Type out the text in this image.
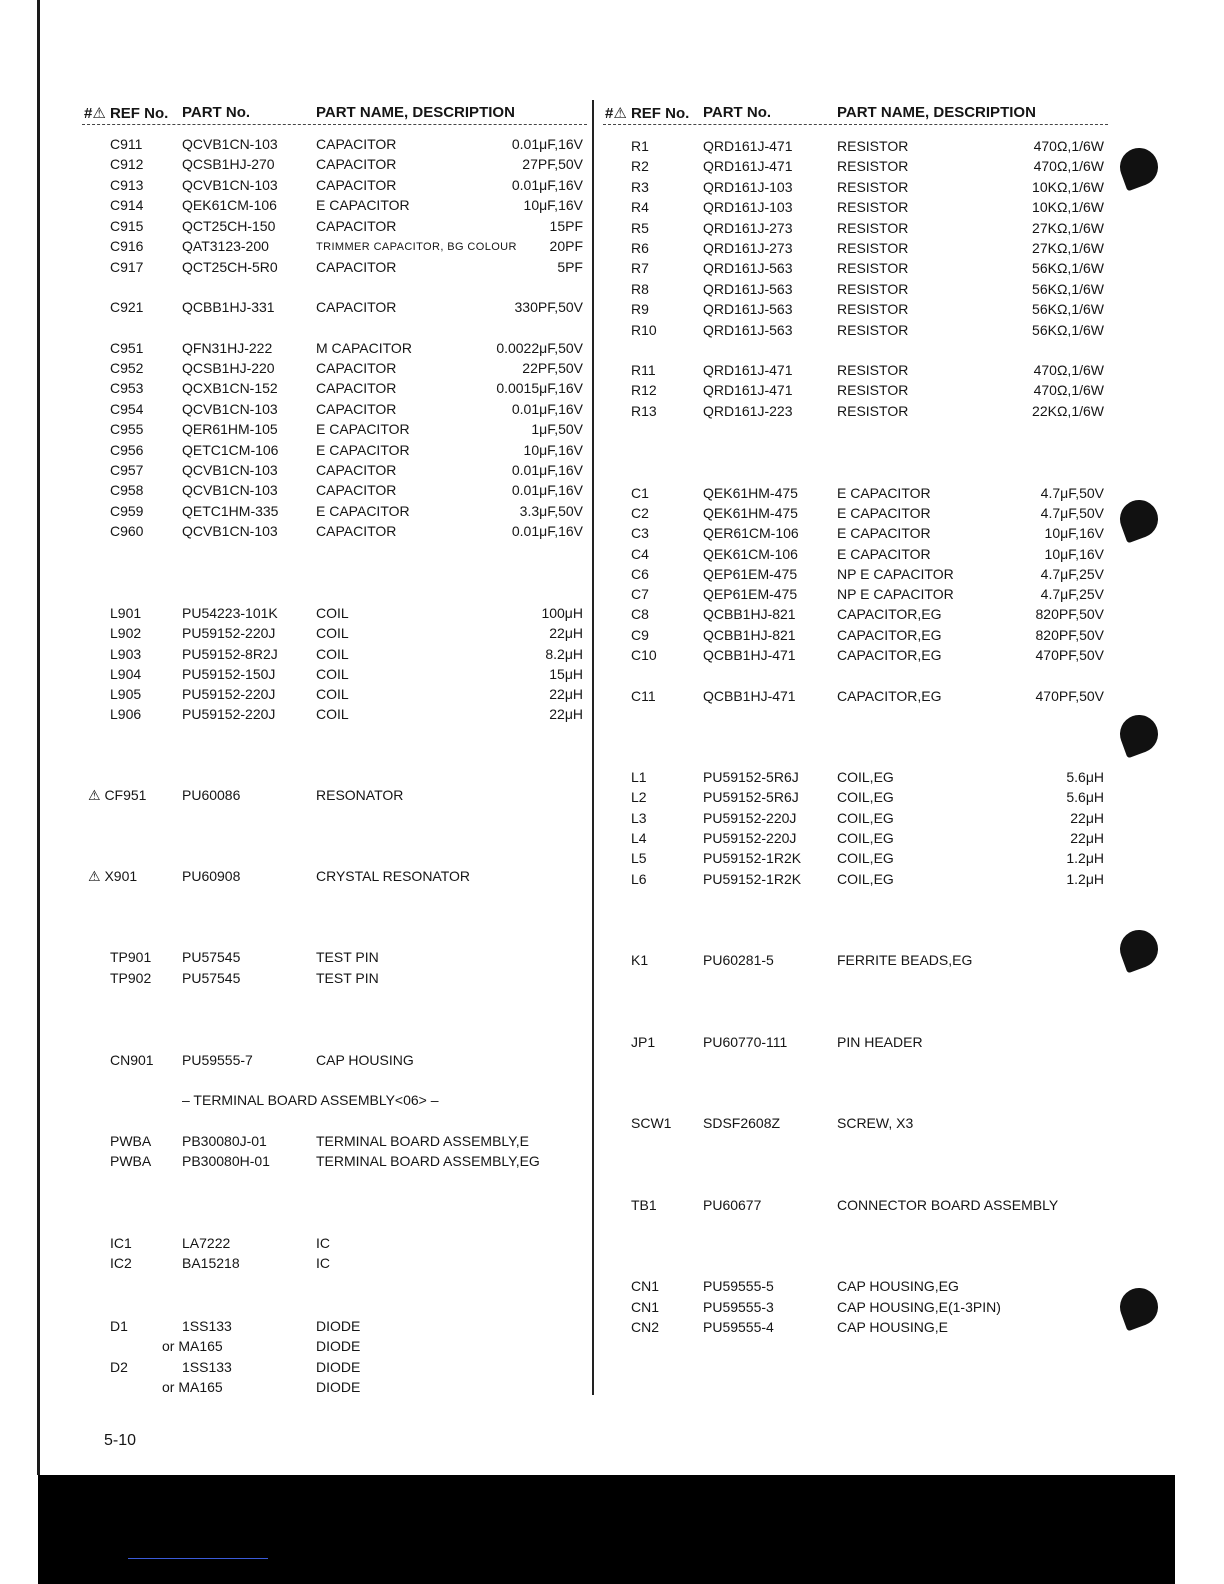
#⚠ REF No. PART No.	PART NAME, DESCRIPTION
C911	QCVB1CN-103	CAPACITOR	0.01μF,16V
C912	QCSB1HJ-270	CAPACITOR	27PF,50V
C913	QCVB1CN-103	CAPACITOR	0.01μF,16V
C914	QEK61CM-106	E CAPACITOR	10μF,16V
C915	QCT25CH-150	CAPACITOR	15PF
C916	QAT3123-200	TRIMMER CAPACITOR, BG COLOUR 20PF
C917	QCT25CH-5R0	CAPACITOR	5PF
C921	QCBB1HJ-331	CAPACITOR	330PF,50V
C951	QFN31HJ-222	M CAPACITOR	0.0022μF,50V
C952	QCSB1HJ-220	CAPACITOR	22PF,50V
C953	QCXB1CN-152	CAPACITOR	0.0015μF,16V
C954	QCVB1CN-103	CAPACITOR	0.01μF,16V
C955	QER61HM-105	E CAPACITOR	1μF,50V
C956	QETC1CM-106	E CAPACITOR	10μF,16V
C957	QCVB1CN-103	CAPACITOR	0.01μF,16V
C958	QCVB1CN-103	CAPACITOR	0.01μF,16V
C959	QETC1HM-335	E CAPACITOR	3.3μF,50V
C960	QCVB1CN-103	CAPACITOR	0.01μF,16V
L901	PU54223-101K	COIL	100μH
L902	PU59152-220J	COIL	22μH
L903	PU59152-8R2J	COIL	8.2μH
L904	PU59152-150J	COIL	15μH
L905	PU59152-220J	COIL	22μH
L906	PU59152-220J	COIL	22μH
⚠ CF951	PU60086	RESONATOR
⚠ X901	PU60908	CRYSTAL RESONATOR
TP901 PU57545	TEST PIN
TP902 PU57545	TEST PIN
CN901 PU59555-7	CAP HOUSING
– TERMINAL BOARD ASSEMBLY<06> –
PWBA PB30080J-01	TERMINAL BOARD ASSEMBLY,E
PWBA PB30080H-01	TERMINAL BOARD ASSEMBLY,EG
IC1	LA7222	IC
IC2	BA15218	IC
D1	1SS133	DIODE
or MA165	DIODE
D2	1SS133	DIODE
or MA165	DIODE
#⚠ REF No. PART No.	PART NAME, DESCRIPTION
R1	QRD161J-471	RESISTOR	470Ω,1/6W
R2	QRD161J-471	RESISTOR	470Ω,1/6W
R3	QRD161J-103	RESISTOR	10KΩ,1/6W
R4	QRD161J-103	RESISTOR	10KΩ,1/6W
R5	QRD161J-273	RESISTOR	27KΩ,1/6W
R6	QRD161J-273	RESISTOR	27KΩ,1/6W
R7	QRD161J-563	RESISTOR	56KΩ,1/6W
R8	QRD161J-563	RESISTOR	56KΩ,1/6W
R9	QRD161J-563	RESISTOR	56KΩ,1/6W
R10	QRD161J-563	RESISTOR	56KΩ,1/6W
R11	QRD161J-471	RESISTOR	470Ω,1/6W
R12	QRD161J-471	RESISTOR	470Ω,1/6W
R13	QRD161J-223	RESISTOR	22KΩ,1/6W
C1	QEK61HM-475	E CAPACITOR	4.7μF,50V
C2	QEK61HM-475	E CAPACITOR	4.7μF,50V
C3	QER61CM-106	E CAPACITOR	10μF,16V
C4	QEK61CM-106	E CAPACITOR	10μF,16V
C6	QEP61EM-475	NP E CAPACITOR	4.7μF,25V
C7	QEP61EM-475	NP E CAPACITOR	4.7μF,25V
C8	QCBB1HJ-821	CAPACITOR,EG	820PF,50V
C9	QCBB1HJ-821	CAPACITOR,EG	820PF,50V
C10	QCBB1HJ-471	CAPACITOR,EG	470PF,50V
C11	QCBB1HJ-471	CAPACITOR,EG	470PF,50V
L1	PU59152-5R6J	COIL,EG	5.6μH
L2	PU59152-5R6J	COIL,EG	5.6μH
L3	PU59152-220J	COIL,EG	22μH
L4	PU59152-220J	COIL,EG	22μH
L5	PU59152-1R2K	COIL,EG	1.2μH
L6	PU59152-1R2K	COIL,EG	1.2μH
K1	PU60281-5	FERRITE BEADS,EG
JP1	PU60770-111	PIN HEADER
SCW1 SDSF2608Z	SCREW, X3
TB1	PU60677	CONNECTOR BOARD ASSEMBLY
CN1	PU59555-5	CAP HOUSING,EG
CN1	PU59555-3	CAP HOUSING,E(1-3PIN)
CN2	PU59555-4	CAP HOUSING,E
5-10
